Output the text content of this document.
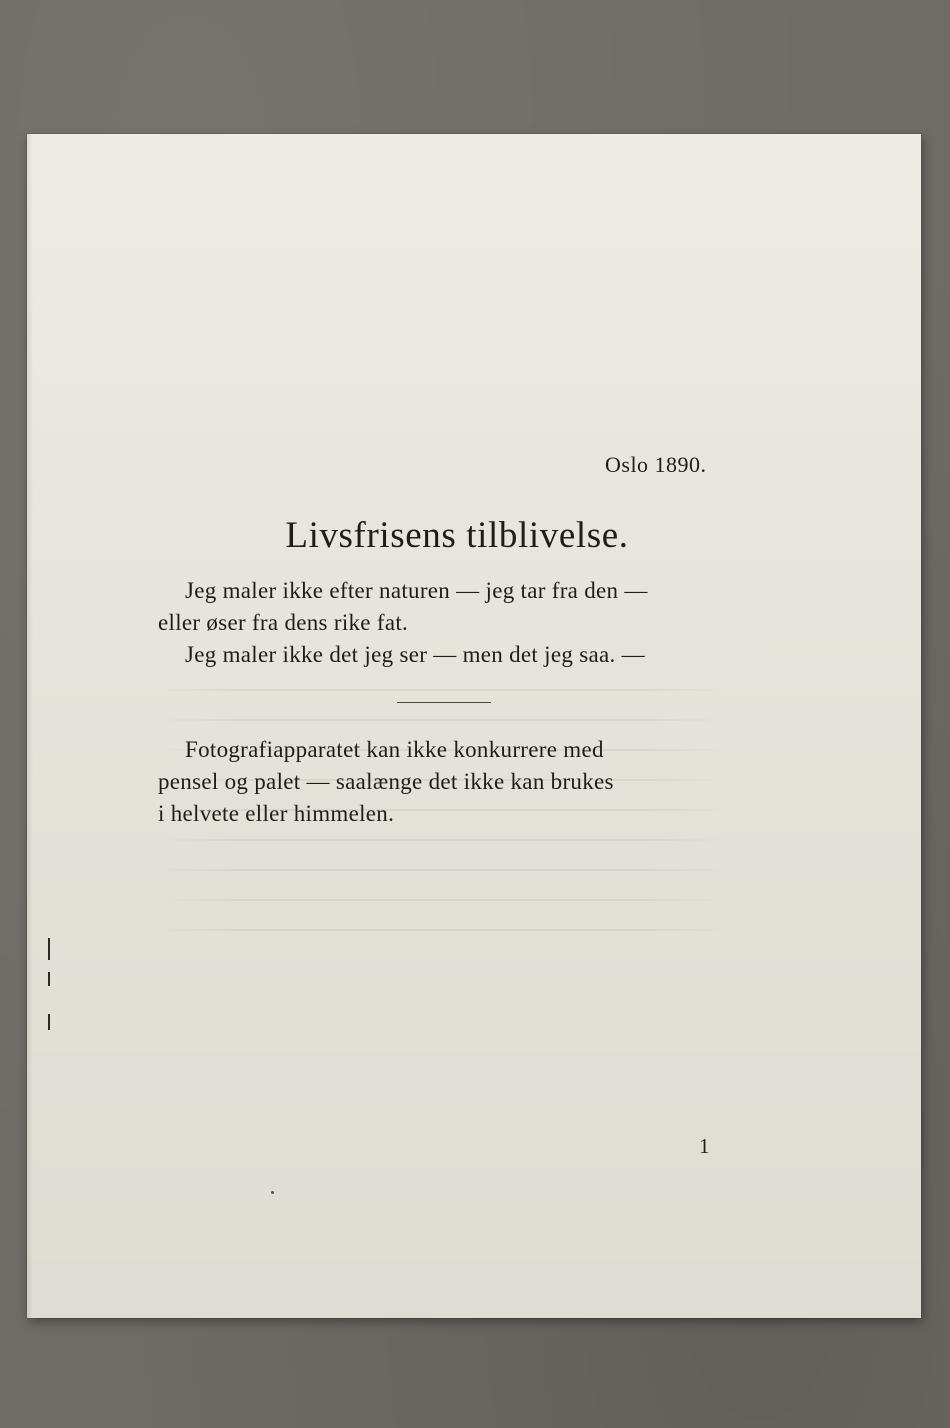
Oslo 1890.
Livsfrisens tilblivelse.
Jeg maler ikke efter naturen — jeg tar fra den —
eller øser fra dens rike fat.
Jeg maler ikke det jeg ser — men det jeg saa. —
Fotografiapparatet kan ikke konkurrere med
pensel og palet — saalænge det ikke kan brukes
i helvete eller himmelen.
1
